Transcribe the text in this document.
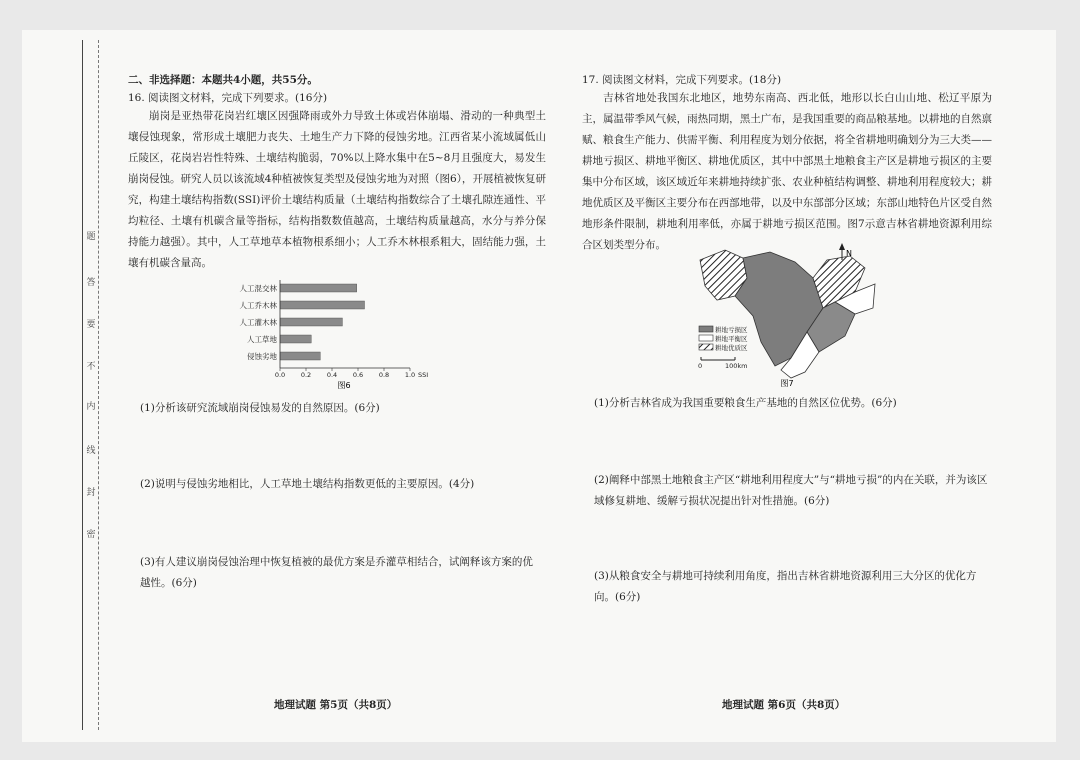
题
答
要
不
内
线
封
密
二、非选择题：本题共4小题，共55分。
16. 阅读图文材料，完成下列要求。(16分)
崩岗是亚热带花岗岩红壤区因强降雨或外力导致土体或岩体崩塌、滑动的一种典型土壤侵蚀现象，常形成土壤肥力丧失、土地生产力下降的侵蚀劣地。江西省某小流域属低山丘陵区，花岗岩岩性特殊、土壤结构脆弱，70%以上降水集中在5~8月且强度大，易发生崩岗侵蚀。研究人员以该流域4种植被恢复类型及侵蚀劣地为对照（图6），开展植被恢复研究，构建土壤结构指数(SSI)评价土壤结构质量（土壤结构指数综合了土壤孔隙连通性、平均粒径、土壤有机碳含量等指标，结构指数数值越高，土壤结构质量越高，水分与养分保持能力越强）。其中，人工草地草本植物根系细小；人工乔木林根系粗大，固结能力强，土壤有机碳含量高。
人工混交林
人工乔木林
人工灌木林
人工草地
侵蚀劣地
0.0 0.2 0.4 0.6 0.8 1.0 SSI
图6
(1)分析该研究流域崩岗侵蚀易发的自然原因。(6分)
(2)说明与侵蚀劣地相比，人工草地土壤结构指数更低的主要原因。(4分)
(3)有人建议崩岗侵蚀治理中恢复植被的最优方案是乔灌草相结合，试阐释该方案的优越性。(6分)
地理试题 第5页（共8页）
17. 阅读图文材料，完成下列要求。(18分)
吉林省地处我国东北地区，地势东南高、西北低，地形以长白山山地、松辽平原为主，属温带季风气候，雨热同期，黑土广布，是我国重要的商品粮基地。以耕地的自然禀赋、粮食生产能力、供需平衡、利用程度为划分依据，将全省耕地明确划分为三大类——耕地亏损区、耕地平衡区、耕地优质区，其中中部黑土地粮食主产区是耕地亏损区的主要集中分布区域，该区域近年来耕地持续扩张、农业种植结构调整、耕地利用程度较大；耕地优质区及平衡区主要分布在西部地带，以及中东部部分区域；东部山地特色片区受自然地形条件限制，耕地利用率低，亦属于耕地亏损区范围。图7示意吉林省耕地资源利用综合区划类型分布。
N
耕地亏损区
耕地平衡区
耕地优质区
0	100km
图7
(1)分析吉林省成为我国重要粮食生产基地的自然区位优势。(6分)
(2)阐释中部黑土地粮食主产区“耕地利用程度大”与“耕地亏损”的内在关联，并为该区域修复耕地、缓解亏损状况提出针对性措施。(6分)
(3)从粮食安全与耕地可持续利用角度，指出吉林省耕地资源利用三大分区的优化方向。(6分)
地理试题 第6页（共8页）
